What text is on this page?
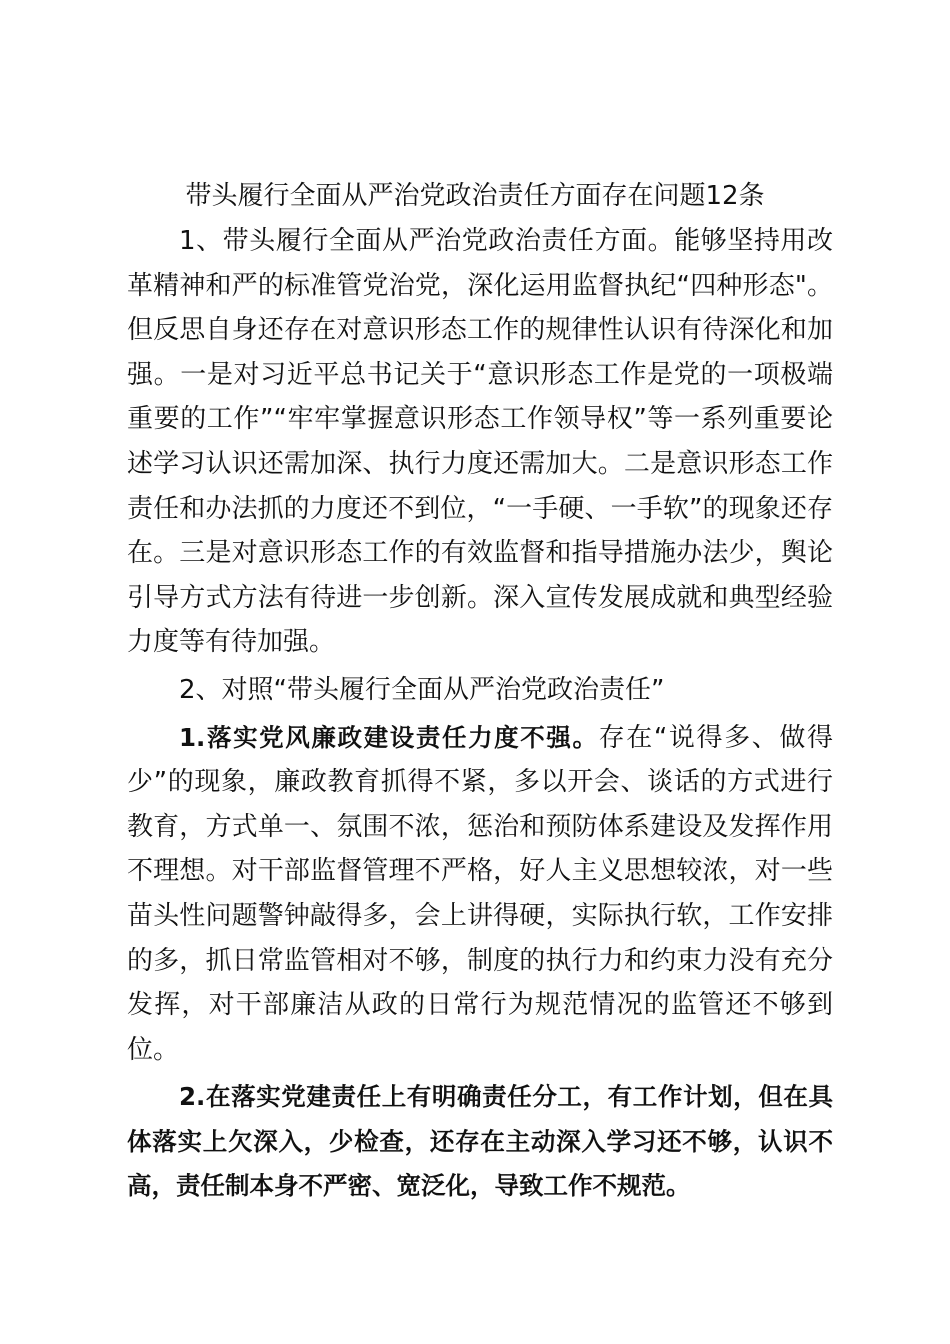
带头履行全面从严治党政治责任方面存在问题12条

1、带头履行全面从严治党政治责任方面。能够坚持用改革精神和严的标准管党治党，深化运用监督执纪“四种形态"。但反思自身还存在对意识形态工作的规律性认识有待深化和加强。一是对习近平总书记关于“意识形态工作是党的一项极端重要的工作”“牢牢掌握意识形态工作领导权”等一系列重要论述学习认识还需加深、执行力度还需加大。二是意识形态工作责任和办法抓的力度还不到位，“一手硬、一手软”的现象还存在。三是对意识形态工作的有效监督和指导措施办法少，舆论引导方式方法有待进一步创新。深入宣传发展成就和典型经验力度等有待加强。

2、对照“带头履行全面从严治党政治责任”

1.落实党风廉政建设责任力度不强。存在“说得多、做得少”的现象，廉政教育抓得不紧，多以开会、谈话的方式进行教育，方式单一、氛围不浓，惩治和预防体系建设及发挥作用不理想。对干部监督管理不严格，好人主义思想较浓，对一些苗头性问题警钟敲得多，会上讲得硬，实际执行软，工作安排的多，抓日常监管相对不够，制度的执行力和约束力没有充分发挥，对干部廉洁从政的日常行为规范情况的监管还不够到位。

2.在落实党建责任上有明确责任分工，有工作计划，但在具体落实上欠深入，少检查，还存在主动深入学习还不够，认识不高，责任制本身不严密、宽泛化，导致工作不规范。
